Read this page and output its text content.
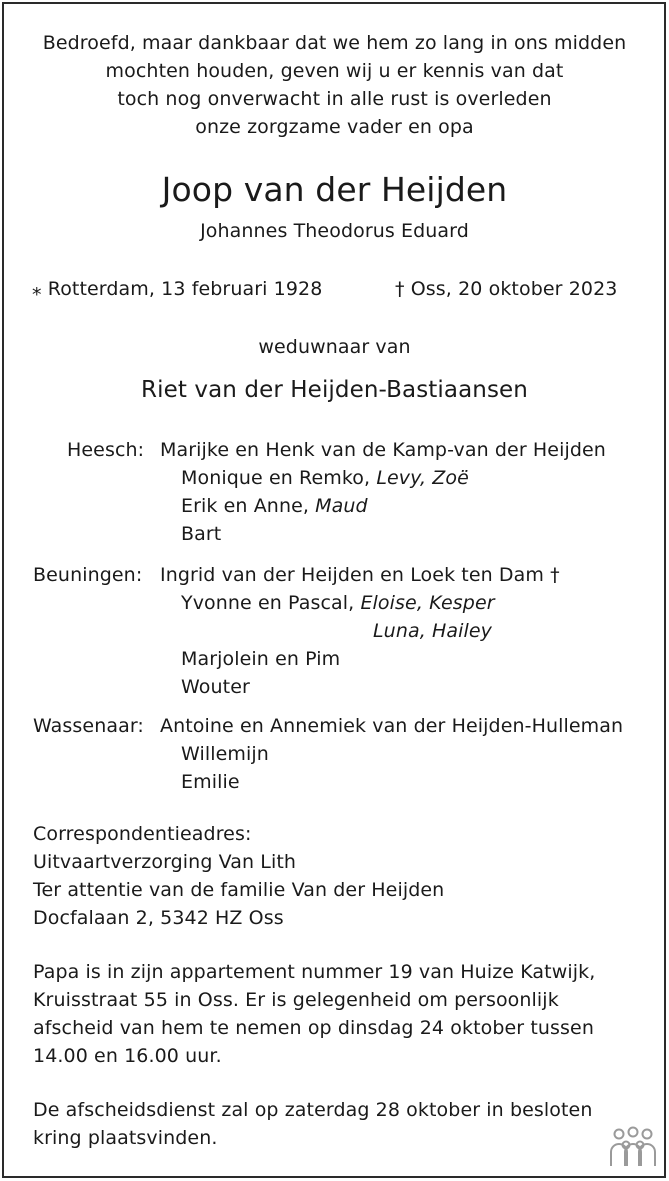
Bedroefd, maar dankbaar dat we hem zo lang in ons midden
mochten houden, geven wij u er kennis van dat
toch nog onverwacht in alle rust is overleden
onze zorgzame vader en opa
Joop van der Heijden
Johannes Theodorus Eduard
⁎ Rotterdam, 13 februari 1928	† Oss, 20 oktober 2023
weduwnaar van
Riet van der Heijden-Bastiaansen
Heesch: Marijke en Henk van de Kamp-van der Heijden
Monique en Remko, Levy, Zoë
Erik en Anne, Maud
Bart
Beuningen: Ingrid van der Heijden en Loek ten Dam †
Yvonne en Pascal, Eloise, Kesper
Luna, Hailey
Marjolein en Pim
Wouter
Wassenaar: Antoine en Annemiek van der Heijden-Hulleman
Willemijn
Emilie
Correspondentieadres:
Uitvaartverzorging Van Lith
Ter attentie van de familie Van der Heijden
Docfalaan 2, 5342 HZ Oss
Papa is in zijn appartement nummer 19 van Huize Katwijk,
Kruisstraat 55 in Oss. Er is gelegenheid om persoonlijk
afscheid van hem te nemen op dinsdag 24 oktober tussen
14.00 en 16.00 uur.
De afscheidsdienst zal op zaterdag 28 oktober in besloten
kring plaatsvinden.
